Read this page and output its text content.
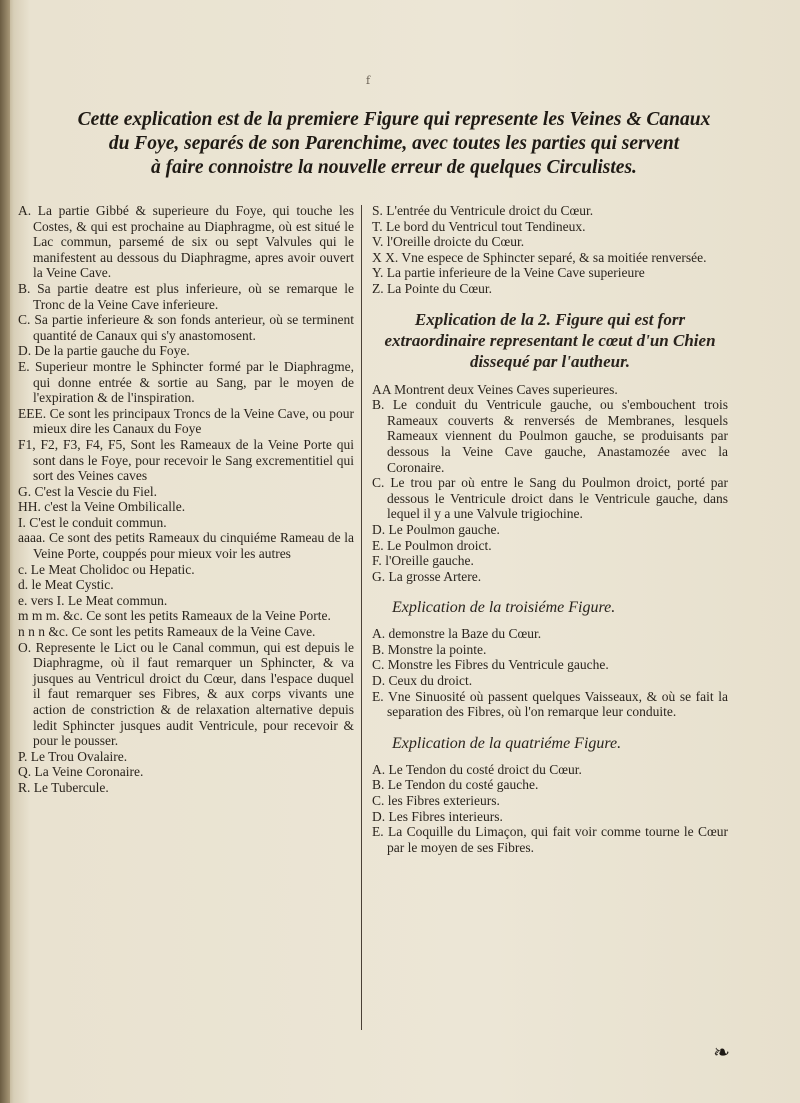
f
Cette explication est de la premiere Figure qui represente les Veines & Canaux
du Foye, separés de son Parenchime, avec toutes les parties qui servent
à faire connoistre la nouvelle erreur de quelques Circulistes.
A. La partie Gibbé & superieure du Foye, qui touche les Costes, & qui est prochaine au Diaphragme, où est situé le Lac commun, parsemé de six ou sept Valvules qui le manifestent au dessous du Diaphragme, apres avoir ouvert la Veine Cave.
B. Sa partie deatre est plus inferieure, où se remarque le Tronc de la Veine Cave inferieure.
C. Sa partie inferieure & son fonds anterieur, où se terminent quantité de Canaux qui s'y anastomosent.
D. De la partie gauche du Foye.
E. Superieur montre le Sphincter formé par le Diaphragme, qui donne entrée & sortie au Sang, par le moyen de l'expiration & de l'inspiration.
EEE. Ce sont les principaux Troncs de la Veine Cave, ou pour mieux dire les Canaux du Foye
F1, F2, F3, F4, F5, Sont les Rameaux de la Veine Porte qui sont dans le Foye, pour recevoir le Sang excrementitiel qui sort des Veines caves
G. C'est la Vescie du Fiel.
HH. c'est la Veine Ombilicalle.
I. C'est le conduit commun.
aaaa. Ce sont des petits Rameaux du cinquiéme Rameau de la Veine Porte, couppés pour mieux voir les autres
c. Le Meat Cholidoc ou Hepatic.
d. le Meat Cystic.
e. vers I. Le Meat commun.
m m m. &c. Ce sont les petits Rameaux de la Veine Porte.
n n n &c. Ce sont les petits Rameaux de la Veine Cave.
O. Represente le Lict ou le Canal commun, qui est depuis le Diaphragme, où il faut remarquer un Sphincter, & va jusques au Ventricul droict du Cœur, dans l'espace duquel il faut remarquer ses Fibres, & aux corps vivants une action de constriction & de relaxation alternative depuis ledit Sphincter jusques audit Ventricule, pour recevoir & pour le pousser.
P. Le Trou Ovalaire.
Q. La Veine Coronaire.
R. Le Tubercule.
S. L'entrée du Ventricule droict du Cœur.
T. Le bord du Ventricul tout Tendineux.
V. l'Oreille droicte du Cœur.
X X. Vne espece de Sphincter separé, & sa moitiée renversée.
Y. La partie inferieure de la Veine Cave superieure
Z. La Pointe du Cœur.
Explication de la 2. Figure qui est forr extraordinaire representant le cœut d'un Chien dissequé par l'autheur.
AA Montrent deux Veines Caves superieures.
B. Le conduit du Ventricule gauche, ou s'embouchent trois Rameaux couverts & renversés de Membranes, lesquels Rameaux viennent du Poulmon gauche, se produisants par dessous la Veine Cave gauche, Anastamozée avec la Coronaire.
C. Le trou par où entre le Sang du Poulmon droict, porté par dessous le Ventricule droict dans le Ventricule gauche, dans lequel il y a une Valvule trigiochine.
D. Le Poulmon gauche.
E. Le Poulmon droict.
F. l'Oreille gauche.
G. La grosse Artere.
Explication de la troisiéme Figure.
A. demonstre la Baze du Cœur.
B. Monstre la pointe.
C. Monstre les Fibres du Ventricule gauche.
D. Ceux du droict.
E. Vne Sinuosité où passent quelques Vaisseaux, & où se fait la separation des Fibres, où l'on remarque leur conduite.
Explication de la quatriéme Figure.
A. Le Tendon du costé droict du Cœur.
B. Le Tendon du costé gauche.
C. les Fibres exterieurs.
D. Les Fibres interieurs.
E. La Coquille du Limaçon, qui fait voir comme tourne le Cœur par le moyen de ses Fibres.
❧
